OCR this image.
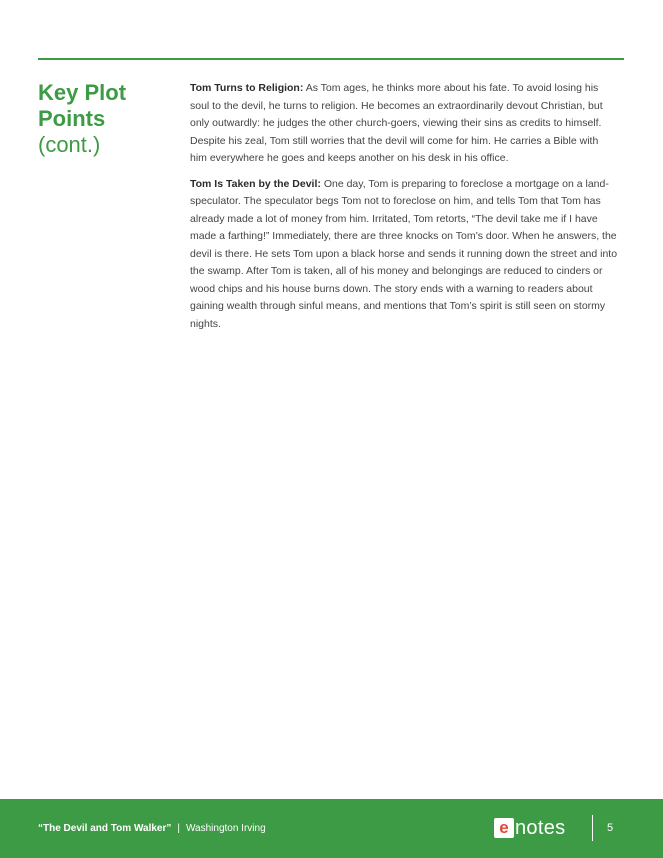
Key Plot
Points
(cont.)

Tom Turns to Religion: As Tom ages, he thinks more about his fate. To avoid losing his soul to the devil, he turns to religion. He becomes an extraordinarily devout Christian, but only outwardly: he judges the other church-goers, viewing their sins as credits to himself. Despite his zeal, Tom still worries that the devil will come for him. He carries a Bible with him everywhere he goes and keeps another on his desk in his office.

Tom Is Taken by the Devil: One day, Tom is preparing to foreclose a mortgage on a land-speculator. The speculator begs Tom not to foreclose on him, and tells Tom that Tom has already made a lot of money from him. Irritated, Tom retorts, “The devil take me if I have made a farthing!” Immediately, there are three knocks on Tom’s door. When he answers, the devil is there. He sets Tom upon a black horse and sends it running down the street and into the swamp. After Tom is taken, all of his money and belongings are reduced to cinders or wood chips and his house burns down. The story ends with a warning to readers about gaining wealth through sinful means, and mentions that Tom’s spirit is still seen on stormy nights.

“The Devil and Tom Walker” | Washington Irving	e notes	5
